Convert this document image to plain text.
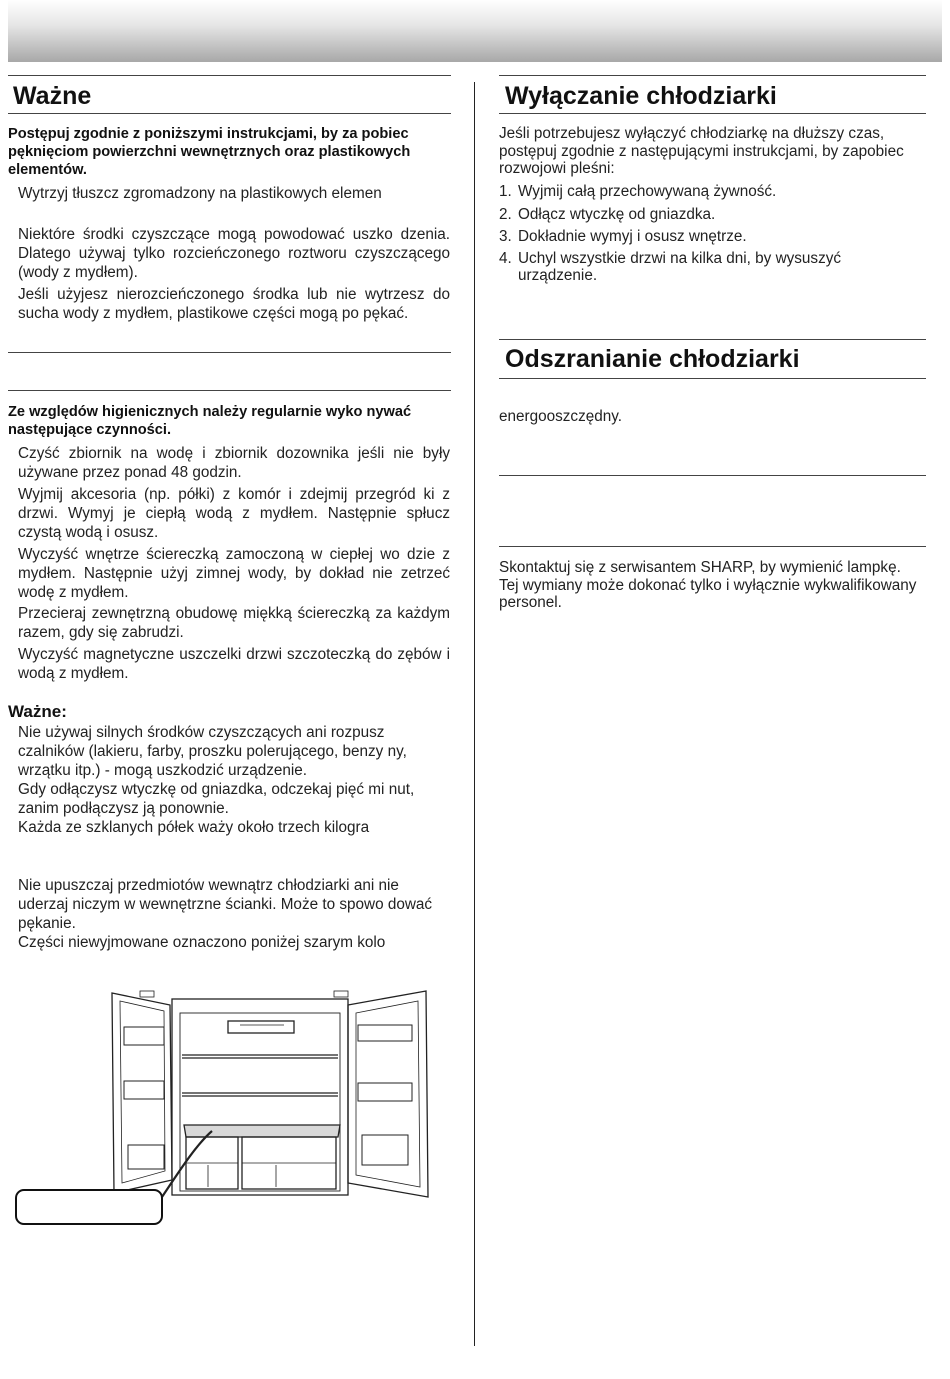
Ważne
Postępuj zgodnie z poniższymi instrukcjami, by za pobiec pęknięciom powierzchni wewnętrznych oraz plastikowych elementów.

Wytrzyj tłuszcz zgromadzony na plastikowych elemen

Niektóre środki czyszczące mogą powodować uszko dzenia. Dlatego używaj tylko rozcieńczonego roztworu czyszczącego (wody z mydłem).

Jeśli użyjesz nierozcieńczonego środka lub nie wytrzesz do sucha wody z mydłem, plastikowe części mogą po pękać.

Ze względów higienicznych należy regularnie wyko nywać następujące czynności.

Czyść zbiornik na wodę i zbiornik dozownika jeśli nie były używane przez ponad 48 godzin.

Wyjmij akcesoria (np. półki) z komór i zdejmij przegród ki z drzwi. Wymyj je ciepłą wodą z mydłem. Następnie spłucz czystą wodą i osusz.

Wyczyść wnętrze ściereczką zamoczoną w ciepłej wo dzie z mydłem. Następnie użyj zimnej wody, by dokład nie zetrzeć wodę z mydłem.

Przecieraj zewnętrzną obudowę miękką ściereczką za każdym razem, gdy się zabrudzi.

Wyczyść magnetyczne uszczelki drzwi szczoteczką do zębów i wodą z mydłem.

Ważne:

Nie używaj silnych środków czyszczących ani rozpusz czalników (lakieru, farby, proszku polerującego, benzy ny, wrzątku itp.) - mogą uszkodzić urządzenie.

Gdy odłączysz wtyczkę od gniazdka, odczekaj pięć mi nut, zanim podłączysz ją ponownie.

Każda ze szklanych półek waży około trzech kilogra

Nie upuszczaj przedmiotów wewnątrz chłodziarki ani nie uderzaj niczym w wewnętrzne ścianki. Może to spowo dować pękanie.

Części niewyjmowane oznaczono poniżej szarym kolo

Wyłączanie chłodziarki

Jeśli potrzebujesz wyłączyć chłodziarkę na dłuższy czas, postępuj zgodnie z następującymi instrukcjami, by zapobiec rozwojowi pleśni:

1. Wyjmij całą przechowywaną żywność.
2. Odłącz wtyczkę od gniazdka.
3. Dokładnie wymyj i osusz wnętrze.
4. Uchyl wszystkie drzwi na kilka dni, by wysuszyć urządzenie.
Odszranianie chłodziarki

energooszczędny.

Skontaktuj się z serwisantem SHARP, by wymienić lampkę. Tej wymiany może dokonać tylko i wyłącznie wykwalifikowany personel.
